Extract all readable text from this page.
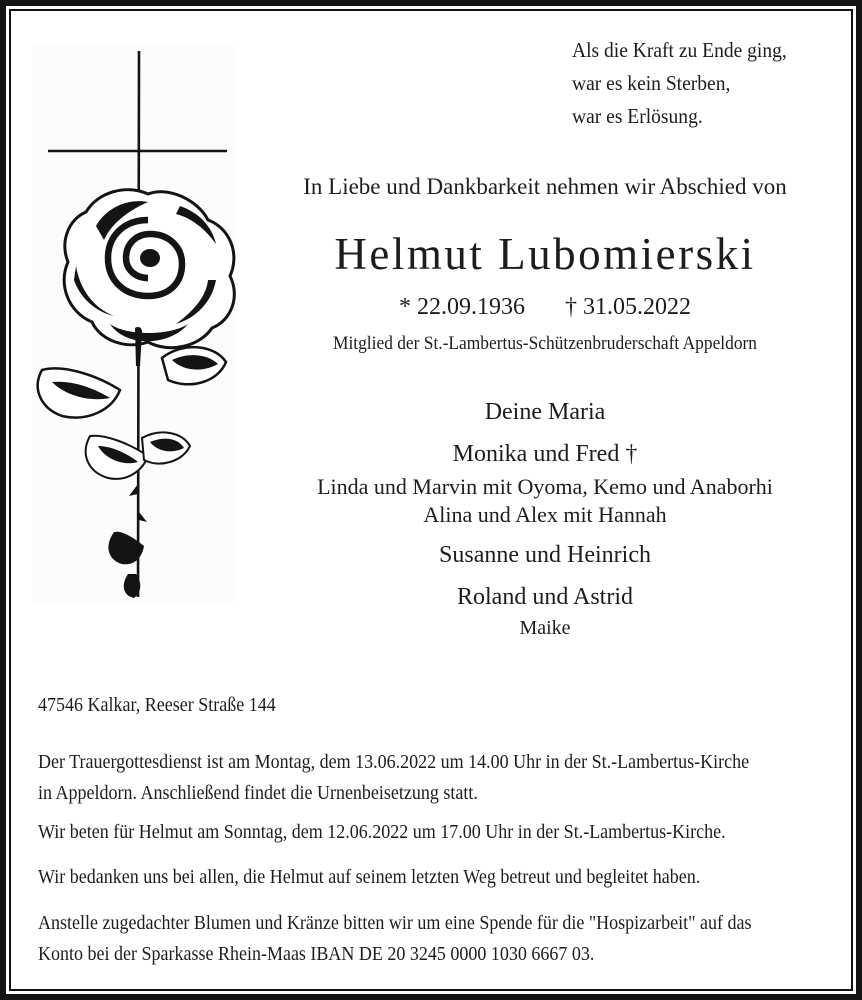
Als die Kraft zu Ende ging,
war es kein Sterben,
war es Erlösung.
In Liebe und Dankbarkeit nehmen wir Abschied von
Helmut Lubomierski
* 22.09.1936 † 31.05.2022
Mitglied der St.-Lambertus-Schützenbruderschaft Appeldorn
Deine Maria
Monika und Fred †
Linda und Marvin mit Oyoma, Kemo und Anaborhi
Alina und Alex mit Hannah
Susanne und Heinrich
Roland und Astrid
Maike
47546 Kalkar, Reeser Straße 144
Der Trauergottesdienst ist am Montag, dem 13.06.2022 um 14.00 Uhr in der St.-Lambertus-Kirche
in Appeldorn. Anschließend findet die Urnenbeisetzung statt.
Wir beten für Helmut am Sonntag, dem 12.06.2022 um 17.00 Uhr in der St.-Lambertus-Kirche.
Wir bedanken uns bei allen, die Helmut auf seinem letzten Weg betreut und begleitet haben.
Anstelle zugedachter Blumen und Kränze bitten wir um eine Spende für die "Hospizarbeit" auf das
Konto bei der Sparkasse Rhein-Maas IBAN DE 20 3245 0000 1030 6667 03.
